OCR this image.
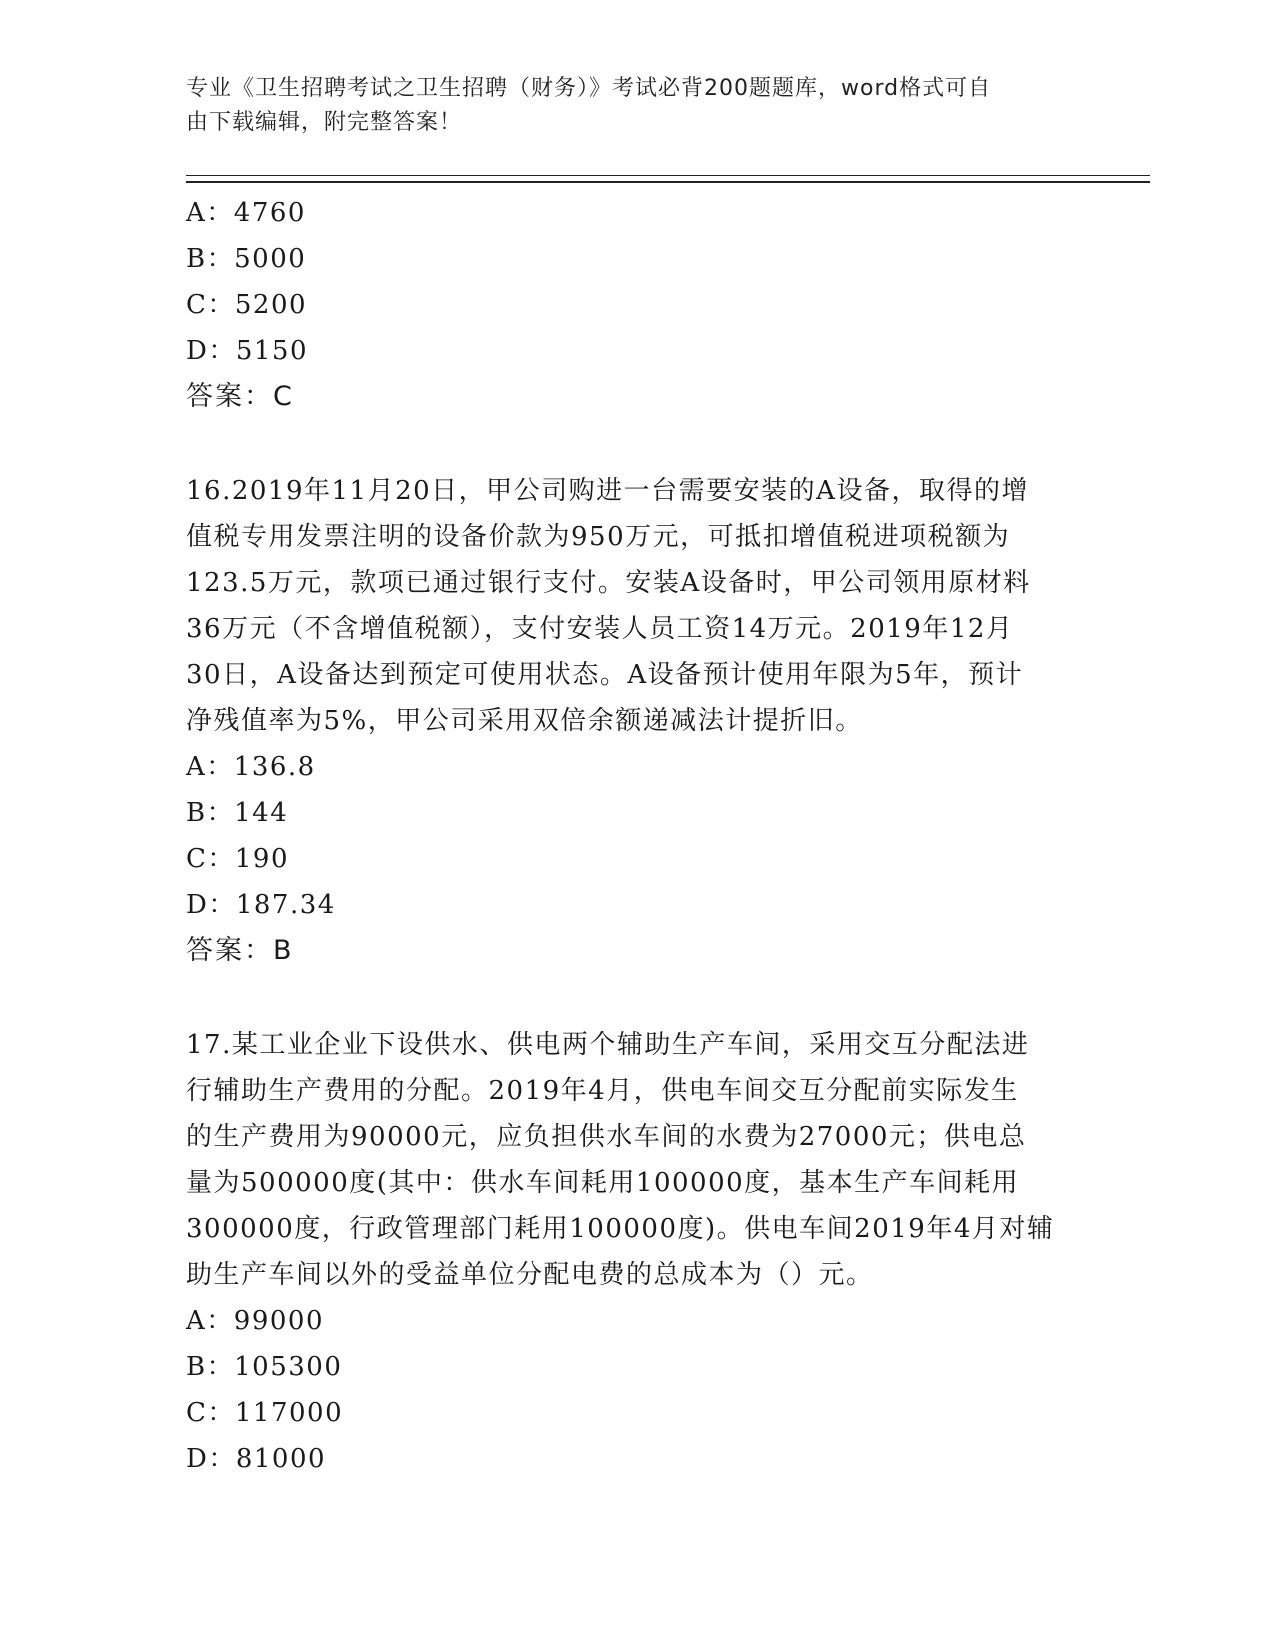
专业《卫生招聘考试之卫生招聘（财务）》考试必背200题题库，word格式可自
由下载编辑，附完整答案！
A：4760
B：5000
C：5200
D：5150
答案：C
16.2019年11月20日，甲公司购进一台需要安装的A设备，取得的增
值税专用发票注明的设备价款为950万元，可抵扣增值税进项税额为
123.5万元，款项已通过银行支付。安装A设备时，甲公司领用原材料
36万元（不含增值税额），支付安装人员工资14万元。2019年12月
30日，A设备达到预定可使用状态。A设备预计使用年限为5年，预计
净残值率为5%，甲公司采用双倍余额递减法计提折旧。
A：136.8
B：144
C：190
D：187.34
答案：B
17.某工业企业下设供水、供电两个辅助生产车间，采用交互分配法进
行辅助生产费用的分配。2019年4月，供电车间交互分配前实际发生
的生产费用为90000元，应负担供水车间的水费为27000元；供电总
量为500000度(其中：供水车间耗用100000度，基本生产车间耗用
300000度，行政管理部门耗用100000度)。供电车间2019年4月对辅
助生产车间以外的受益单位分配电费的总成本为（）元。
A：99000
B：105300
C：117000
D：81000
